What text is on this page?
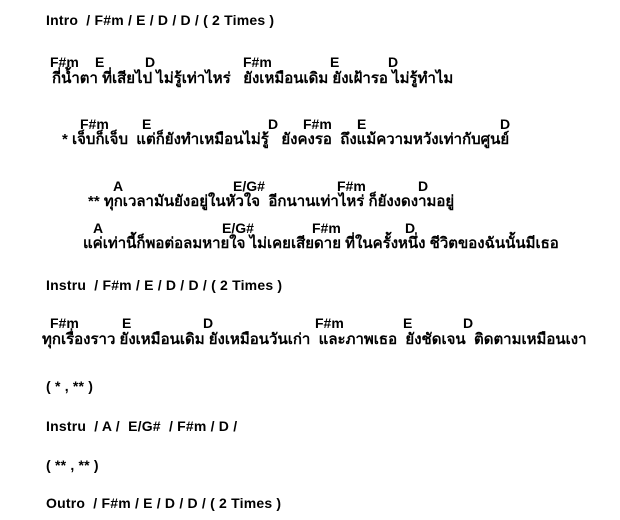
Intro  / F#m / E / D / D / ( 2 Times )
F#m E	D	F#m	E	D
กี่น้ำตา ที่เสียไป ไม่รู้เท่าไหร่   ยังเหมือนเดิม ยังเฝ้ารอ ไม่รู้ทำไม
F#m E	D F#m E	D
* เจ็บก็เจ็บ  แต่ก็ยังทำเหมือนไม่รู้   ยังคงรอ  ถึงแม้ความหวังเท่ากับศูนย์
A	E/G#	F#m	D
** ทุกเวลามันยังอยู่ในหัวใจ  อีกนานเท่าไหร่ ก็ยังงดงามอยู่
A	E/G#	F#m	D
แค่เท่านี้ก็พอต่อลมหายใจ ไม่เคยเสียดาย ที่ในครั้งหนึ่ง ชีวิตของฉันนั้นมีเธอ
Instru  / F#m / E / D / D / ( 2 Times )
F#m	E	D	F#m	E	D
ทุกเรื่องราว ยังเหมือนเดิม ยังเหมือนวันเก่า  และภาพเธอ  ยังชัดเจน  ติดตามเหมือนเงา
( * , ** )
Instru  / A /  E/G#  / F#m / D /
( ** , ** )
Outro  / F#m / E / D / D / ( 2 Times )
